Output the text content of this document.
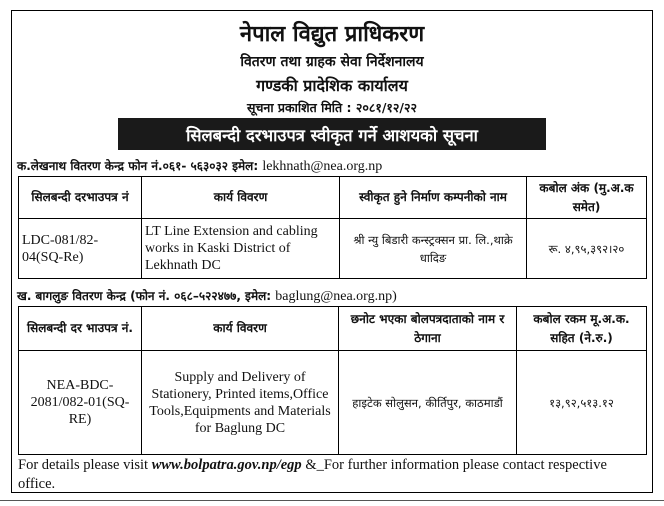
नेपाल विद्युत प्राधिकरण
वितरण तथा ग्राहक सेवा निर्देशनालय
गण्डकी प्रादेशिक कार्यालय
सूचना प्रकाशित मिति : २०८१/१२/२२
सिलबन्दी दरभाउपत्र स्वीकृत गर्ने आशयको सूचना
क.लेखनाथ वितरण केन्द्र फोन नं.०६१- ५६३०३२ इमेल: lekhnath@nea.org.np
सिलबन्दी दरभाउपत्र नं	कार्य विवरण	स्वीकृत हुने निर्माण कम्पनीको नाम	कबोल अंक (मु.अ.क समेत)
LDC-081/82-04(SQ-Re)	LT Line Extension and cabling works in Kaski District of Lekhnath DC	श्री न्यु बिडारी कन्स्ट्रक्सन प्रा. लि.,थाक्रे धादिङ	रू. ४,९५,३९२।२०
ख. बागलुङ वितरण केन्द्र (फोन नं. ०६८–५२२४७७, इमेल: baglung@nea.org.np)
सिलबन्दी दर भाउपत्र नं.	कार्य विवरण	छनोट भएका बोलपत्रदाताको नाम र ठेगाना	कबोल रकम मू.अ.क. सहित (ने.रु.)
NEA-BDC-2081/082-01(SQ-RE)	Supply and Delivery of Stationery, Printed items,Office Tools,Equipments and Materials for Baglung DC	हाइटेक सोलुसन, कीर्तिपुर, काठमाडौं	१३,९२,५१३.१२
For details please visit www.bolpatra.gov.np/egp &_For further information please contact respective office.
